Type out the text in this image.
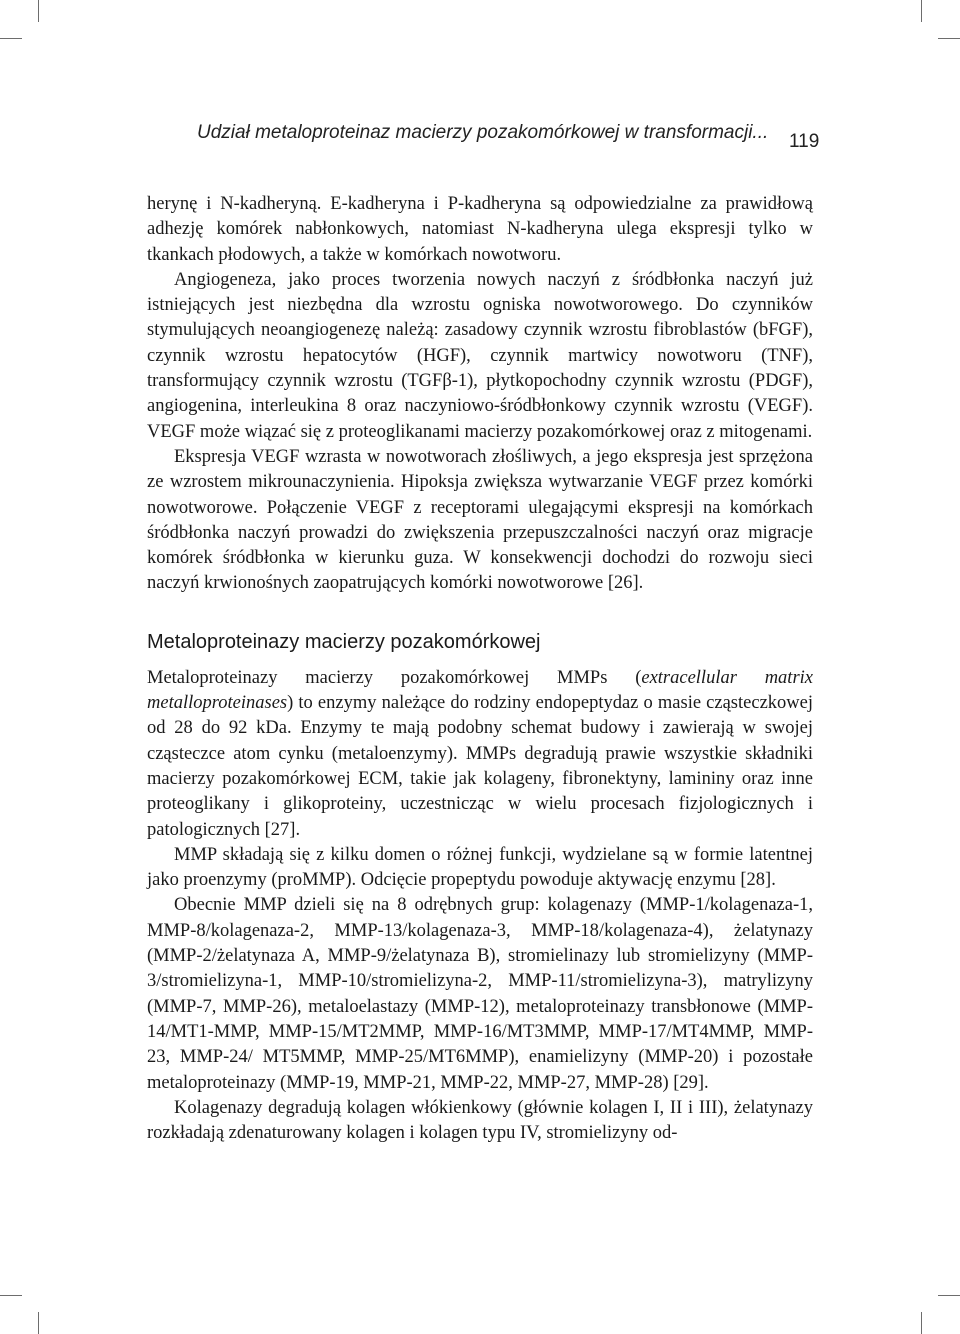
Udział metaloproteinaz macierzy pozakomórkowej w transformacji... 119

herynę i N-kadheryną. E-kadheryna i P-kadheryna są odpowiedzialne za prawidłową adhezję komórek nabłonkowych, natomiast N-kadheryna ulega ekspresji tylko w tkankach płodowych, a także w komórkach nowotworu.

Angiogeneza, jako proces tworzenia nowych naczyń z śródbłonka naczyń już istniejących jest niezbędna dla wzrostu ogniska nowotworowego. Do czynników stymulujących neoangiogenezę należą: zasadowy czynnik wzrostu fibroblastów (bFGF), czynnik wzrostu hepatocytów (HGF), czynnik martwicy nowotworu (TNF), transformujący czynnik wzrostu (TGFβ-1), płytkopochodny czynnik wzrostu (PDGF), angiogenina, interleukina 8 oraz naczyniowo-śródbłonkowy czynnik wzrostu (VEGF). VEGF może wiązać się z proteoglikanami macierzy pozakomórkowej oraz z mitogenami.

Ekspresja VEGF wzrasta w nowotworach złośliwych, a jego ekspresja jest sprzężona ze wzrostem mikrounaczynienia. Hipoksja zwiększa wytwarzanie VEGF przez komórki nowotworowe. Połączenie VEGF z receptorami ulegającymi ekspresji na komórkach śródbłonka naczyń prowadzi do zwiększenia przepuszczalności naczyń oraz migracje komórek śródbłonka w kierunku guza. W konsekwencji dochodzi do rozwoju sieci naczyń krwionośnych zaopatrujących komórki nowotworowe [26].

Metaloproteinazy macierzy pozakomórkowej

Metaloproteinazy macierzy pozakomórkowej MMPs (extracellular matrix metalloproteinases) to enzymy należące do rodziny endopeptydaz o masie cząsteczkowej od 28 do 92 kDa. Enzymy te mają podobny schemat budowy i zawierają w swojej cząsteczce atom cynku (metaloenzymy). MMPs degradują prawie wszystkie składniki macierzy pozakomórkowej ECM, takie jak kolageny, fibronektyny, lamininy oraz inne proteoglikany i glikoproteiny, uczestnicząc w wielu procesach fizjologicznych i patologicznych [27].

MMP składają się z kilku domen o różnej funkcji, wydzielane są w formie latentnej jako proenzymy (proMMP). Odcięcie propeptydu powoduje aktywację enzymu [28].

Obecnie MMP dzieli się na 8 odrębnych grup: kolagenazy (MMP-1/kolagenaza-1, MMP-8/kolagenaza-2, MMP-13/kolagenaza-3, MMP-18/kolagenaza-4), żelatynazy (MMP-2/żelatynaza A, MMP-9/żelatynaza B), stromielinazy lub stromielizyny (MMP-3/stromielizyna-1, MMP-10/stromielizyna-2, MMP-11/stromielizyna-3), matrylizyny (MMP-7, MMP-26), metaloelastazy (MMP-12), metaloproteinazy transbłonowe (MMP-14/MT1-MMP, MMP-15/MT2MMP, MMP-16/MT3MMP, MMP-17/MT4MMP, MMP-23, MMP-24/ MT5MMP, MMP-25/MT6MMP), enamielizyny (MMP-20) i pozostałe metaloproteinazy (MMP-19, MMP-21, MMP-22, MMP-27, MMP-28) [29].

Kolagenazy degradują kolagen włókienkowy (głównie kolagen I, II i III), żelatynazy rozkładają zdenaturowany kolagen i kolagen typu IV, stromielizyny od-
